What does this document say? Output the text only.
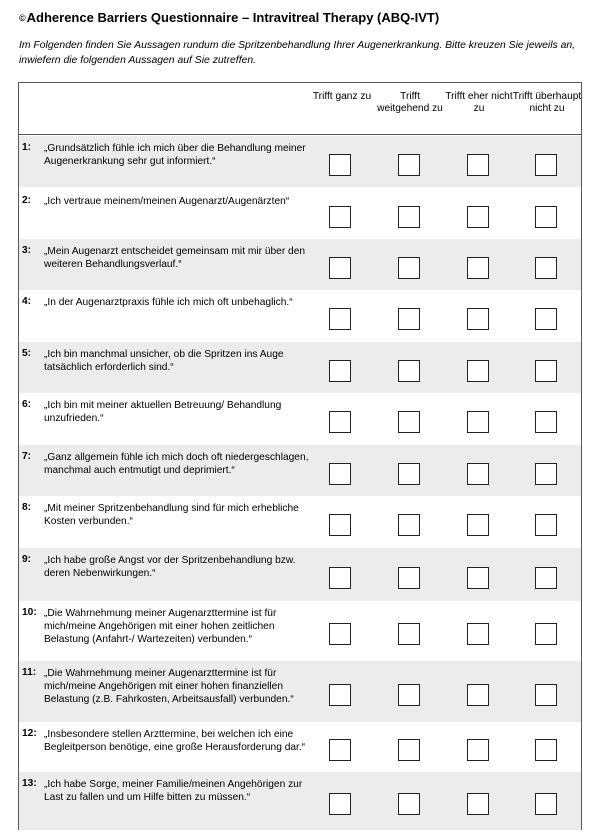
©Adherence Barriers Questionnaire – Intravitreal Therapy (ABQ-IVT)
Im Folgenden finden Sie Aussagen rundum die Spritzenbehandlung Ihrer Augenerkrankung. Bitte kreuzen Sie jeweils an, inwiefern die folgenden Aussagen auf Sie zutreffen.
Trifft ganz zu	Trifft weitgehend zu
Trifft eher nicht zu
Trifft überhaupt nicht zu
1: „Grundsätzlich fühle ich mich über die Behandlung meiner Augenerkrankung sehr gut informiert.“
2: „Ich vertraue meinem/meinen Augenarzt/Augenärzten“
3: „Mein Augenarzt entscheidet gemeinsam mit mir über den weiteren Behandlungsverlauf.“
4: „In der Augenarztpraxis fühle ich mich oft unbehaglich.“
5: „Ich bin manchmal unsicher, ob die Spritzen ins Auge tatsächlich erforderlich sind.“
6: „Ich bin mit meiner aktuellen Betreuung/ Behandlung unzufrieden.“
7: „Ganz allgemein fühle ich mich doch oft niedergeschlagen, manchmal auch entmutigt und deprimiert.“
8: „Mit meiner Spritzenbehandlung sind für mich erhebliche Kosten verbunden.“
9: „Ich habe große Angst vor der Spritzenbehandlung bzw. deren Nebenwirkungen.“
10: „Die Wahrnehmung meiner Augenarzttermine ist für mich/meine Angehörigen mit einer hohen zeitlichen Belastung (Anfahrt-/ Wartezeiten) verbunden.“
11: „Die Wahrnehmung meiner Augenarzttermine ist für mich/meine Angehörigen mit einer hohen finanziellen Belastung (z.B. Fahrkosten, Arbeitsausfall) verbunden.“
12: „Insbesondere stellen Arzttermine, bei welchen ich eine Begleitperson benötige, eine große Herausforderung dar.“
13: „Ich habe Sorge, meiner Familie/meinen Angehörigen zur Last zu fallen und um Hilfe bitten zu müssen.“
